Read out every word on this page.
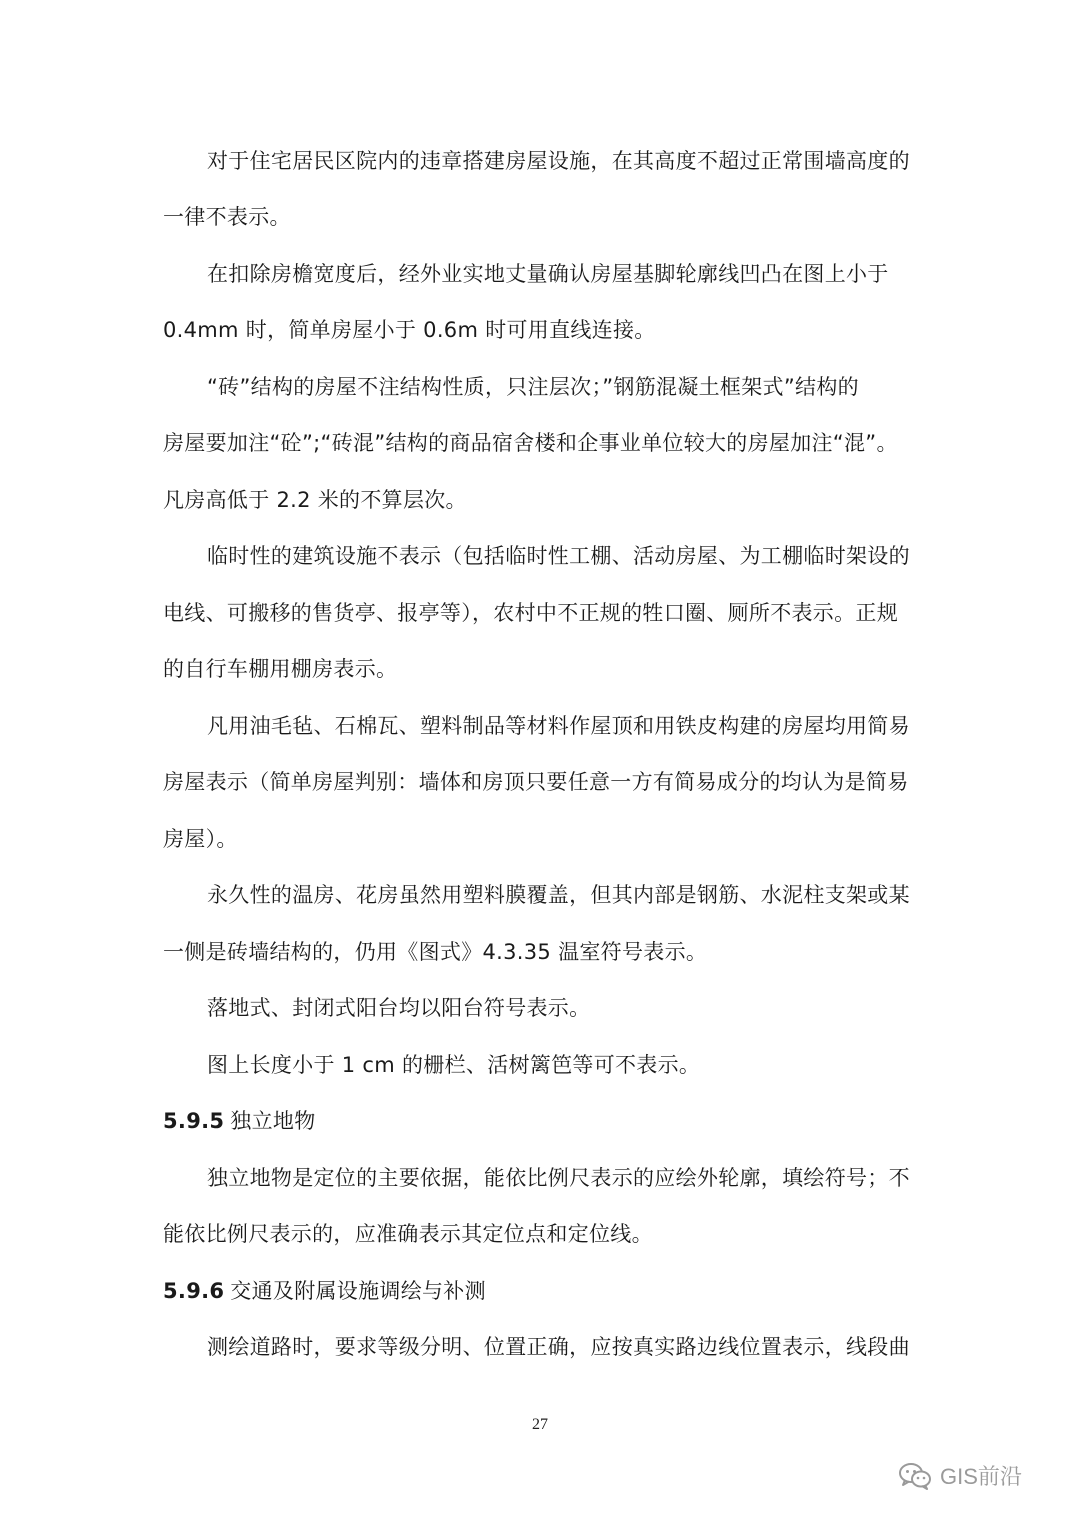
对于住宅居民区院内的违章搭建房屋设施，在其高度不超过正常围墙高度的
一律不表示。
在扣除房檐宽度后，经外业实地丈量确认房屋基脚轮廓线凹凸在图上小于
0.4mm 时，简单房屋小于 0.6m 时可用直线连接。
“砖”结构的房屋不注结构性质，只注层次；”钢筋混凝土框架式”结构的
房屋要加注“砼”;“砖混”结构的商品宿舍楼和企事业单位较大的房屋加注“混”。
凡房高低于 2.2 米的不算层次。
临时性的建筑设施不表示（包括临时性工棚、活动房屋、为工棚临时架设的
电线、可搬移的售货亭、报亭等），农村中不正规的牲口圈、厕所不表示。正规
的自行车棚用棚房表示。
凡用油毛毡、石棉瓦、塑料制品等材料作屋顶和用铁皮构建的房屋均用简易
房屋表示（简单房屋判别：墙体和房顶只要任意一方有简易成分的均认为是简易
房屋）。
永久性的温房、花房虽然用塑料膜覆盖，但其内部是钢筋、水泥柱支架或某
一侧是砖墙结构的，仍用《图式》4.3.35 温室符号表示。
落地式、封闭式阳台均以阳台符号表示。
图上长度小于 1 cm 的栅栏、活树篱笆等可不表示。
5.9.5 独立地物
独立地物是定位的主要依据，能依比例尺表示的应绘外轮廓，填绘符号；不
能依比例尺表示的，应准确表示其定位点和定位线。
5.9.6 交通及附属设施调绘与补测
测绘道路时，要求等级分明、位置正确，应按真实路边线位置表示，线段曲
27
GIS前沿
